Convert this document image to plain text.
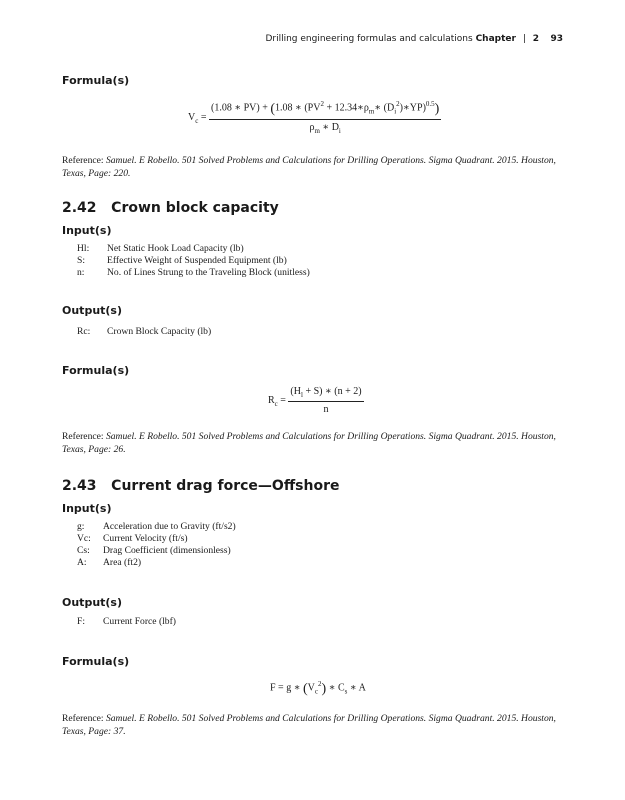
Drilling engineering formulas and calculations Chapter | 2 93
Formula(s)
$V_c = \frac{(1.08 ∗ PV) + (1.08 ∗ (PV^2 + 12.34∗\rho_m∗ (D_i^2)∗YP)^{0.5})}{\rho_m ∗ D_i}$
Reference: Samuel. E Robello. 501 Solved Problems and Calculations for Drilling Operations. Sigma Quadrant. 2015. Houston, Texas, Page: 220.
2.42 Crown block capacity
Input(s)
Hl: Net Static Hook Load Capacity (lb)
S: Effective Weight of Suspended Equipment (lb)
n: No. of Lines Strung to the Traveling Block (unitless)
Output(s)
Rc: Crown Block Capacity (lb)
Formula(s)
$R_c = \frac{(H_l + S) ∗ (n + 2)}{n}$
Reference: Samuel. E Robello. 501 Solved Problems and Calculations for Drilling Operations. Sigma Quadrant. 2015. Houston, Texas, Page: 26.
2.43 Current drag force—Offshore
Input(s)
g: Acceleration due to Gravity (ft/s2)
Vc: Current Velocity (ft/s)
Cs: Drag Coefficient (dimensionless)
A: Area (ft2)
Output(s)
F: Current Force (lbf)
Formula(s)
F = g ∗ $(V_c^2)$ ∗ $C_s$ ∗ A
Reference: Samuel. E Robello. 501 Solved Problems and Calculations for Drilling Operations. Sigma Quadrant. 2015. Houston, Texas, Page: 37.
